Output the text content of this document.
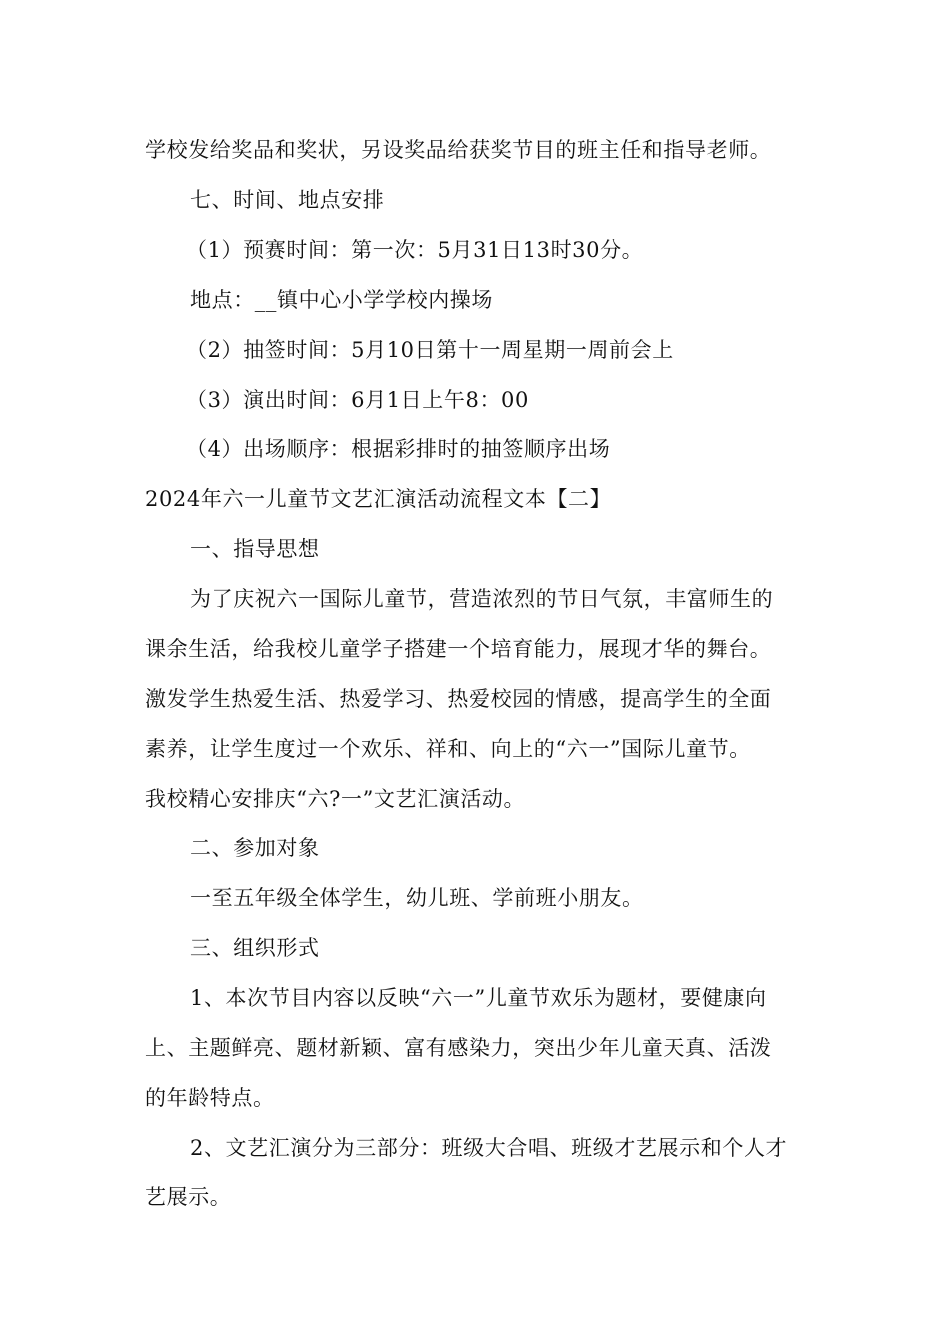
学校发给奖品和奖状，另设奖品给获奖节目的班主任和指导老师。
七、时间、地点安排
（1）预赛时间：第一次：5月31日13时30分。
地点：__镇中心小学学校内操场
（2）抽签时间：5月10日第十一周星期一周前会上
（3）演出时间：6月1日上午8：00
（4）出场顺序：根据彩排时的抽签顺序出场
2024年六一儿童节文艺汇演活动流程文本【二】
一、指导思想
为了庆祝六一国际儿童节，营造浓烈的节日气氛，丰富师生的
课余生活，给我校儿童学子搭建一个培育能力，展现才华的舞台。
激发学生热爱生活、热爱学习、热爱校园的情感，提高学生的全面
素养，让学生度过一个欢乐、祥和、向上的“六一”国际儿童节。
我校精心安排庆“六?一”文艺汇演活动。
二、参加对象
一至五年级全体学生，幼儿班、学前班小朋友。
三、组织形式
1、本次节目内容以反映“六一”儿童节欢乐为题材，要健康向
上、主题鲜亮、题材新颖、富有感染力，突出少年儿童天真、活泼
的年龄特点。
2、文艺汇演分为三部分：班级大合唱、班级才艺展示和个人才
艺展示。
